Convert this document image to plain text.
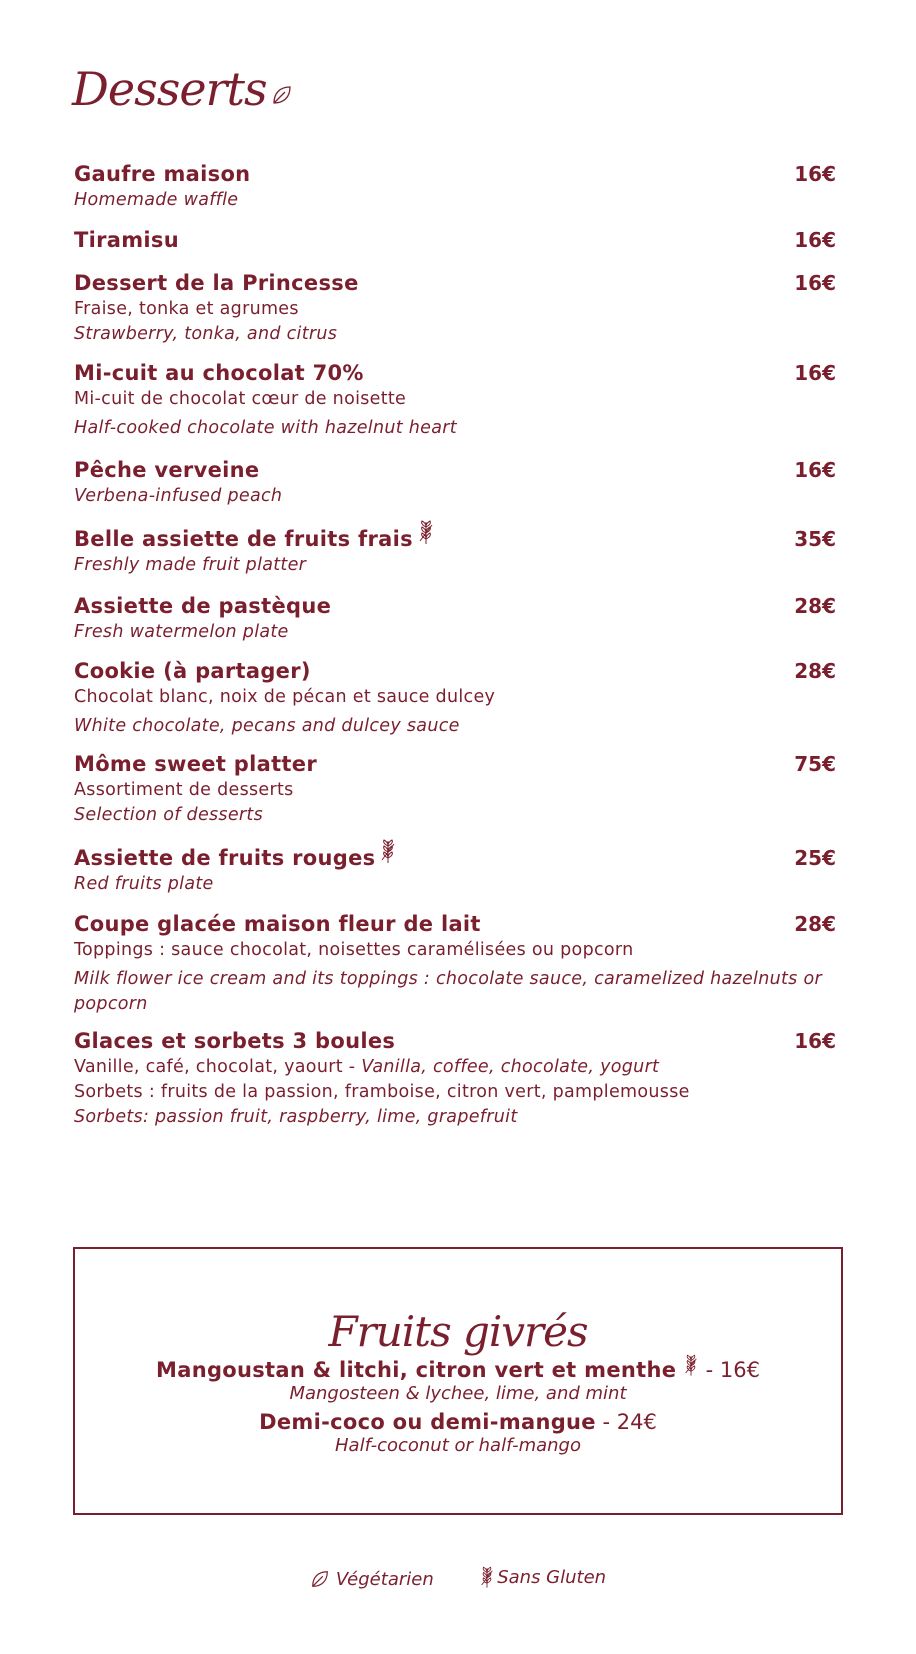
Desserts
Gaufre maison	16€
Homemade waffle
Tiramisu	16€
Dessert de la Princesse	16€
Fraise, tonka et agrumes
Strawberry, tonka, and citrus
Mi-cuit au chocolat 70%	16€
Mi-cuit de chocolat cœur de noisette
Half-cooked chocolate with hazelnut heart
Pêche verveine	16€
Verbena-infused peach
Belle assiette de fruits frais	35€
Freshly made fruit platter
Assiette de pastèque	28€
Fresh watermelon plate
Cookie (à partager)	28€
Chocolat blanc, noix de pécan et sauce dulcey
White chocolate, pecans and dulcey sauce
Môme sweet platter	75€
Assortiment de desserts
Selection of desserts
Assiette de fruits rouges	25€
Red fruits plate
Coupe glacée maison fleur de lait	28€
Toppings : sauce chocolat, noisettes caramélisées ou popcorn
Milk flower ice cream and its toppings : chocolate sauce, caramelized hazelnuts or popcorn
Glaces et sorbets 3 boules	16€
Vanille, café, chocolat, yaourt - Vanilla, coffee, chocolate, yogurt
Sorbets : fruits de la passion, framboise, citron vert, pamplemousse
Sorbets: passion fruit, raspberry, lime, grapefruit
Fruits givrés
Mangoustan & litchi, citron vert et menthe  - 16€
Mangosteen & lychee, lime, and mint
Demi-coco ou demi-mangue - 24€
Half-coconut or half-mango
Végétarien
	Sans Gluten
